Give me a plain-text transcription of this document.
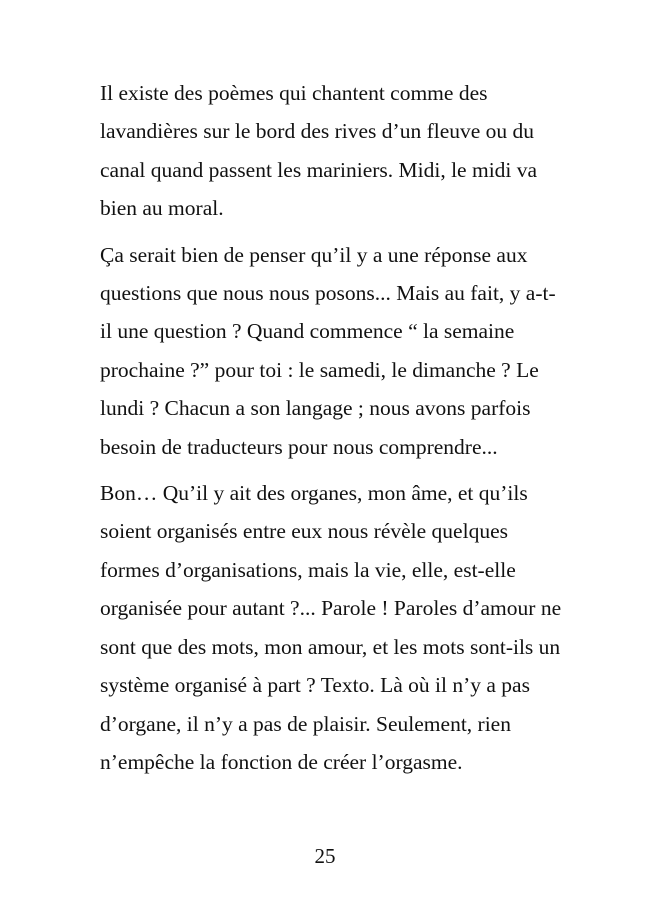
Il existe des poèmes qui chantent comme des
lavandières sur le bord des rives d’un fleuve ou du
canal quand passent les mariniers. Midi, le midi va
bien au moral.

Ça serait bien de penser qu’il y a une réponse aux
questions que nous nous posons... Mais au fait, y a-t-
il une question ? Quand commence “ la semaine
prochaine ?” pour toi : le samedi, le dimanche ? Le
lundi ? Chacun a son langage ; nous avons parfois
besoin de traducteurs pour nous comprendre...

Bon… Qu’il y ait des organes, mon âme, et qu’ils
soient organisés entre eux nous révèle quelques
formes d’organisations, mais la vie, elle, est-elle
organisée pour autant ?... Parole ! Paroles d’amour ne
sont que des mots, mon amour, et les mots sont-ils un
système organisé à part ? Texto. Là où il n’y a pas
d’organe, il n’y a pas de plaisir. Seulement, rien
n’empêche la fonction de créer l’orgasme.

25
